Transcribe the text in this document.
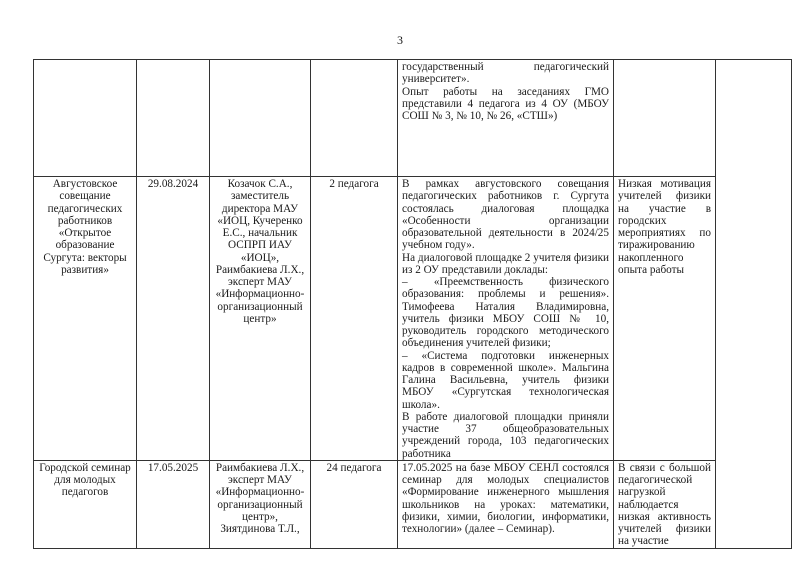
3

				государственный педагогический университет».
Опыт работы на заседаниях ГМО представили 4 педагога из 4 ОУ (МБОУ СОШ № 3, № 10, № 26, «СТШ»)		

Августовское совещание педагогических работников «Открытое образование Сургута: векторы развития»	29.08.2024	Козачок С.А., заместитель директора МАУ «ИОЦ, Кучеренко Е.С., начальник ОСПРП ИАУ «ИОЦ», Раимбакиева Л.Х., эксперт МАУ «Информационно-организационный центр»	2 педагога	В рамках августовского совещания педагогических работников г. Сургута состоялась диалоговая площадка «Особенности организации образовательной деятельности в 2024/25 учебном году».
На диалоговой площадке 2 учителя физики из 2 ОУ представили доклады:
– «Преемственность физического образования: проблемы и решения». Тимофеева Наталия Владимировна, учитель физики МБОУ СОШ № 10, руководитель городского методического объединения учителей физики;
– «Система подготовки инженерных кадров в современной школе». Мальгина Галина Васильевна, учитель физики МБОУ «Сургутская технологическая школа».
В работе диалоговой площадки приняли участие 37 общеобразовательных учреждений города, 103 педагогических работника	Низкая мотивация учителей физики на участие в городских мероприятиях по тиражированию накопленного опыта работы	
Городской семинар для молодых педагогов	17.05.2025	Раимбакиева Л.Х., эксперт МАУ «Информационно-организационный центр», Зиятдинова Т.Л.,	24 педагога	17.05.2025 на базе МБОУ СЕНЛ состоялся семинар для молодых специалистов «Формирование инженерного мышления школьников на уроках: математики, физики, химии, биологии, информатики, технологии» (далее – Семинар).	В связи с большой педагогической нагрузкой наблюдается низкая активность учителей физики на участие	
